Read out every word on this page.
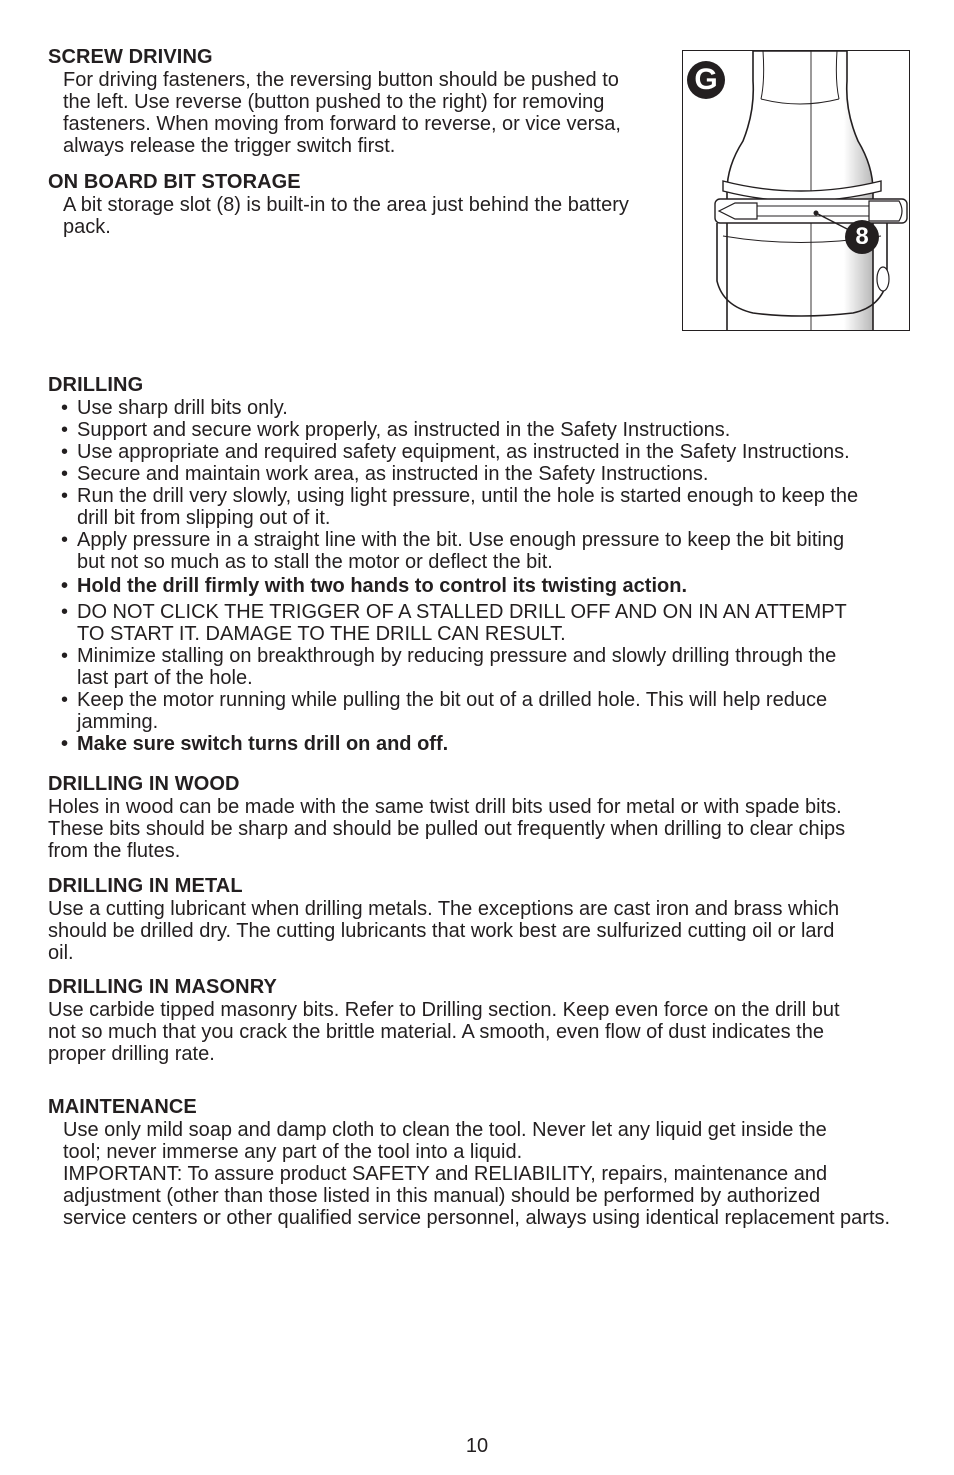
SCREW DRIVING

For driving fasteners, the reversing button should be pushed to
the left. Use reverse (button pushed to the right) for removing
fasteners. When moving from forward to reverse, or vice versa,
always release the trigger switch first.

ON BOARD BIT STORAGE

A bit storage slot (8) is built-in to the area just behind the battery
pack.

G
8
DRILLING
• Use sharp drill bits only.
• Support and secure work properly, as instructed in the Safety Instructions.
• Use appropriate and required safety equipment, as instructed in the Safety Instructions.
• Secure and maintain work area, as instructed in the Safety Instructions.
• Run the drill very slowly, using light pressure, until the hole is started enough to keep the
drill bit from slipping out of it.
• Apply pressure in a straight line with the bit. Use enough pressure to keep the bit biting
but not so much as to stall the motor or deflect the bit.
• Hold the drill firmly with two hands to control its twisting action.
• DO NOT CLICK THE TRIGGER OF A STALLED DRILL OFF AND ON IN AN ATTEMPT
TO START IT. DAMAGE TO THE DRILL CAN RESULT.
• Minimize stalling on breakthrough by reducing pressure and slowly drilling through the
last part of the hole.
• Keep the motor running while pulling the bit out of a drilled hole. This will help reduce
jamming.
• Make sure switch turns drill on and off.
DRILLING IN WOOD

Holes in wood can be made with the same twist drill bits used for metal or with spade bits.
These bits should be sharp and should be pulled out frequently when drilling to clear chips
from the flutes.

DRILLING IN METAL

Use a cutting lubricant when drilling metals. The exceptions are cast iron and brass which
should be drilled dry. The cutting lubricants that work best are sulfurized cutting oil or lard
oil.

DRILLING IN MASONRY

Use carbide tipped masonry bits. Refer to Drilling section. Keep even force on the drill but
not so much that you crack the brittle material. A smooth, even flow of dust indicates the
proper drilling rate.

MAINTENANCE

Use only mild soap and damp cloth to clean the tool. Never let any liquid get inside the
tool; never immerse any part of the tool into a liquid.
IMPORTANT: To assure product SAFETY and RELIABILITY, repairs, maintenance and
adjustment (other than those listed in this manual) should be performed by authorized
service centers or other qualified service personnel, always using identical replacement parts.

10
